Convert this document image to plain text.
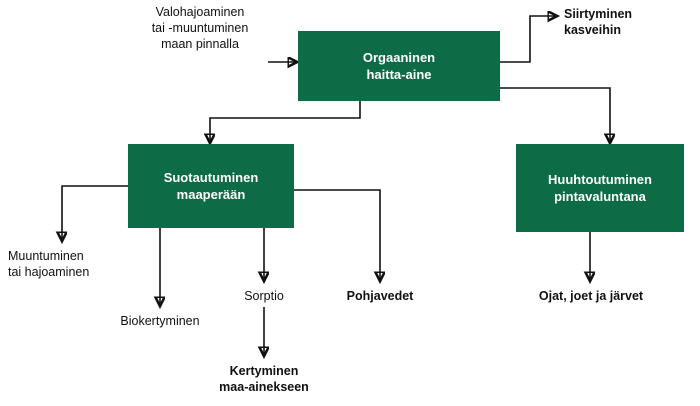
Orgaaninen
haitta-aine
Suotautuminen
maaperään
Huuhtoutuminen
pintavaluntana
Valohajoaminen
tai -muuntuminen
maan pinnalla
Siirtyminen
kasveihin
Muuntuminen
tai hajoaminen
Biokertyminen
Sorptio	Pohjavedet
Kertyminen
maa-ainekseen
Ojat, joet ja järvet
